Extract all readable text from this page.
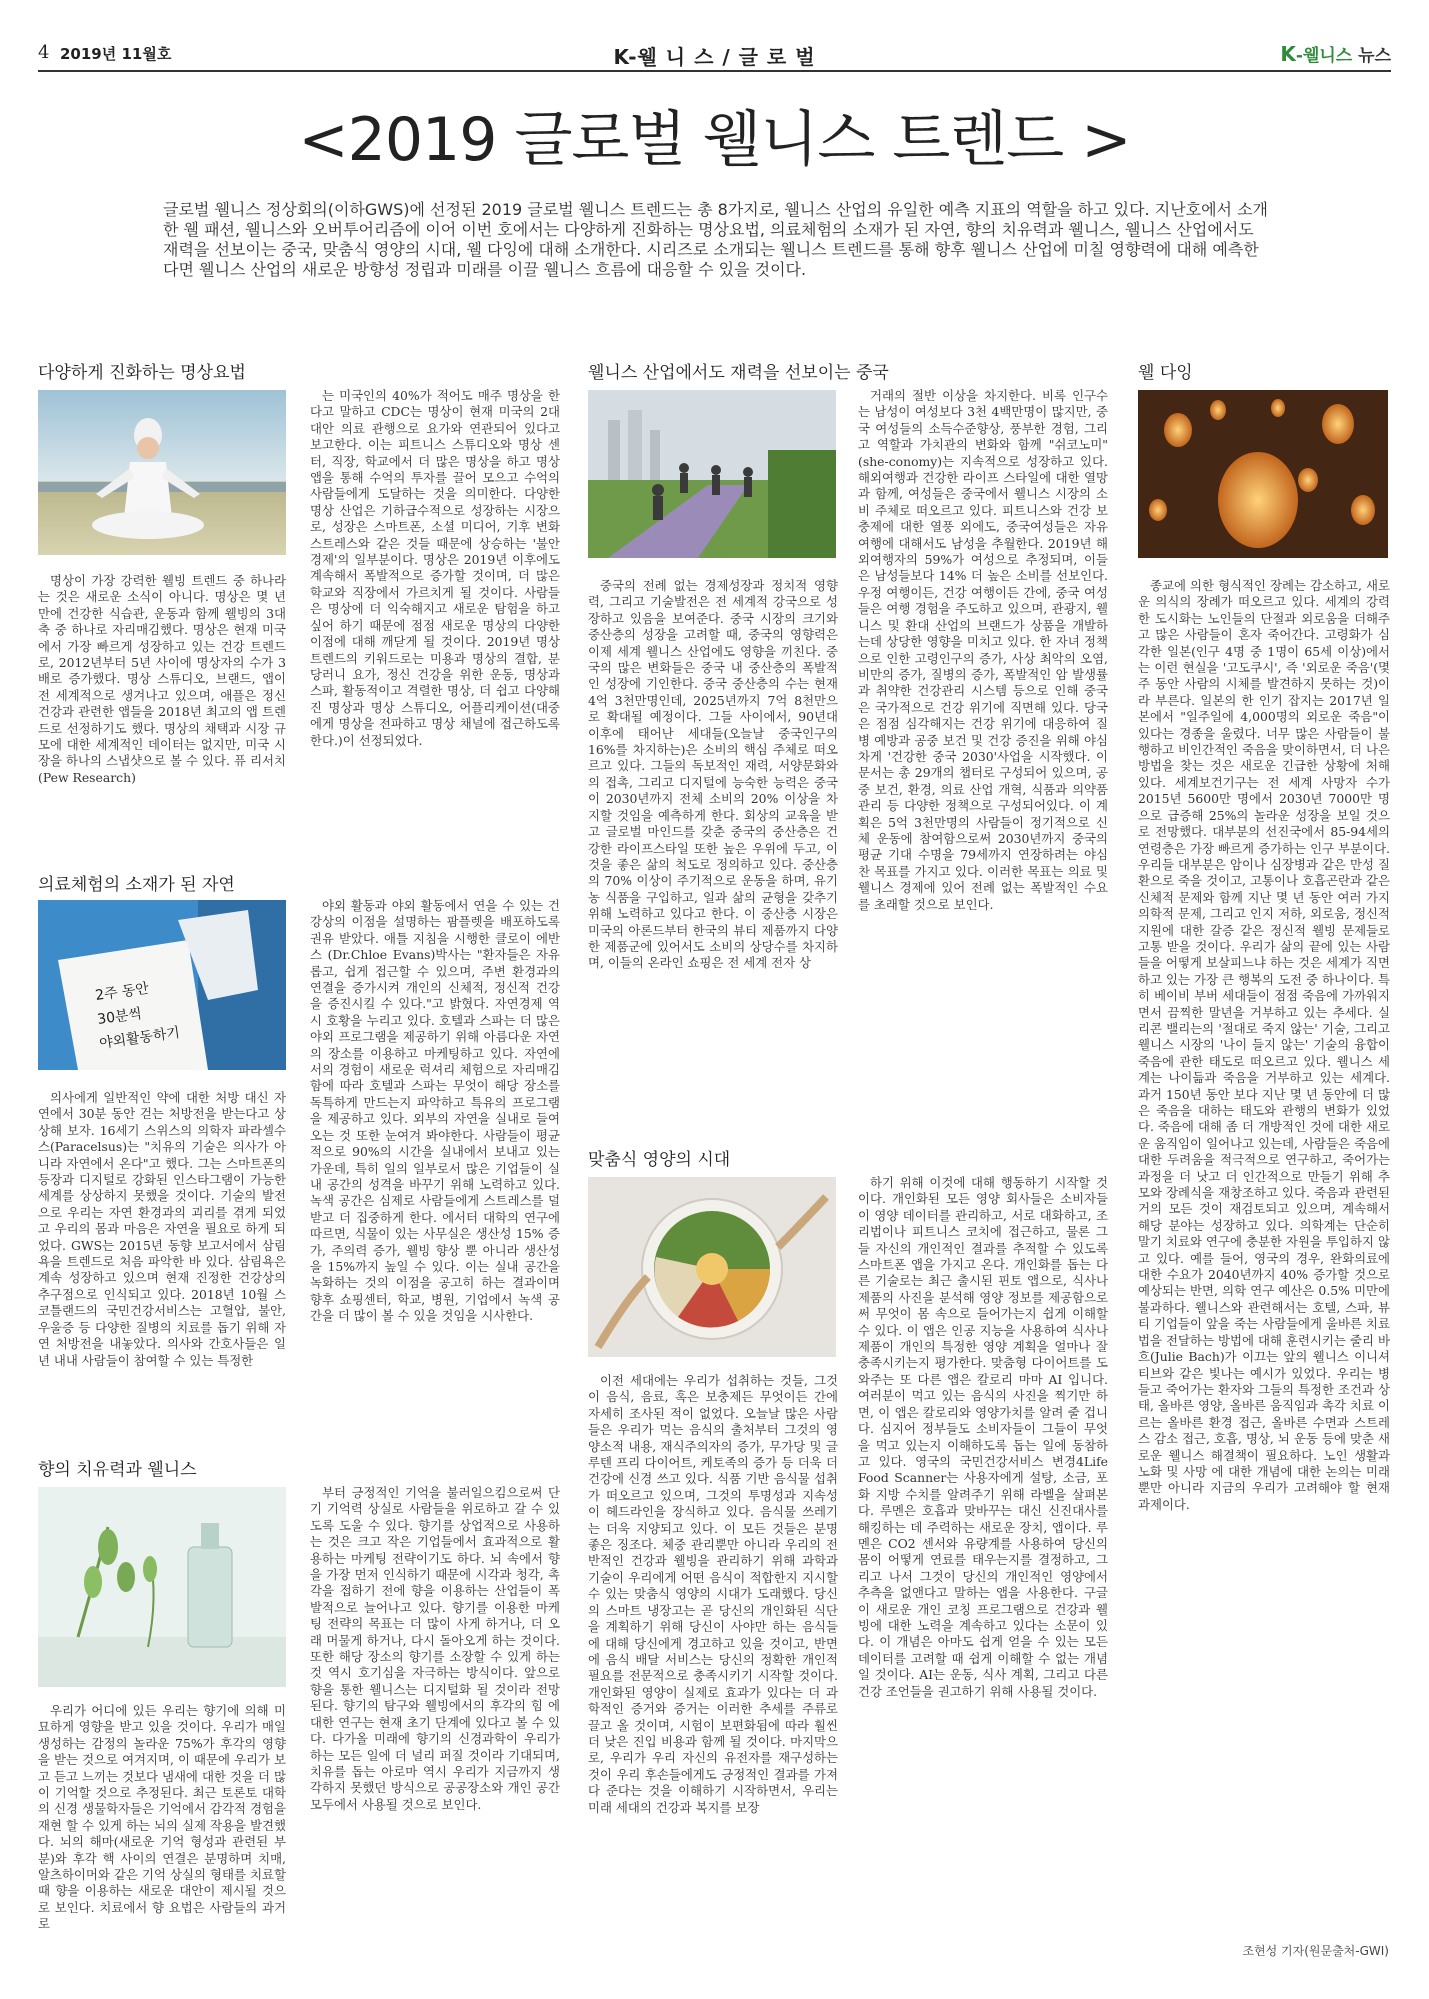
4 2019년 11월호	K-웰 니 스 / 글 로 벌	K-웰니스 뉴스
<2019 글로벌 웰니스 트렌드 >
글로벌 웰니스 정상회의(이하GWS)에 선정된 2019 글로벌 웰니스 트렌드는 총 8가지로, 웰니스 산업의 유일한 예측 지표의 역할을 하고 있다. 지난호에서 소개한 웰 패션, 웰니스와 오버투어리즘에 이어 이번 호에서는 다양하게 진화하는 명상요법, 의료체험의 소재가 된 자연, 향의 치유력과 웰니스, 웰니스 산업에서도 재력을 선보이는 중국, 맞춤식 영양의 시대, 웰 다잉에 대해 소개한다. 시리즈로 소개되는 웰니스 트렌드를 통해 향후 웰니스 산업에 미칠 영향력에 대해 예측한다면 웰니스 산업의 새로운 방향성 정립과 미래를 이끌 웰니스 흐름에 대응할 수 있을 것이다.
다양하게 진화하는 명상요법

명상이 가장 강력한 웰빙 트렌드 중 하나라는 것은 새로운 소식이 아니다. 명상은 몇 년 만에 건강한 식습관, 운동과 함께 웰빙의 3대 축 중 하나로 자리매김했다. 명상은 현재 미국에서 가장 빠르게 성장하고 있는 건강 트렌드로, 2012년부터 5년 사이에 명상자의 수가 3배로 증가했다. 명상 스튜디오, 브랜드, 앱이 전 세계적으로 생겨나고 있으며, 애플은 정신 건강과 관련한 앱들을 2018년 최고의 앱 트렌드로 선정하기도 했다. 명상의 채택과 시장 규모에 대한 세계적인 데이터는 없지만, 미국 시장을 하나의 스냅샷으로 볼 수 있다. 퓨 리서치(Pew Research)

는 미국인의 40%가 적어도 매주 명상을 한다고 말하고 CDC는 명상이 현재 미국의 2대 대안 의료 관행으로 요가와 연관되어 있다고 보고한다. 이는 피트니스 스튜디오와 명상 센터, 직장, 학교에서 더 많은 명상을 하고 명상 앱을 통해 수억의 투자를 끌어 모으고 수억의 사람들에게 도달하는 것을 의미한다. 다양한 명상 산업은 기하급수적으로 성장하는 시장으로, 성장은 스마트폰, 소셜 미디어, 기후 변화 스트레스와 같은 것들 때문에 상승하는 '불안 경제'의 일부분이다. 명상은 2019년 이후에도 계속해서 폭발적으로 증가할 것이며, 더 많은 학교와 직장에서 가르치게 될 것이다. 사람들은 명상에 더 익숙해지고 새로운 탐험을 하고 싶어 하기 때문에 점점 새로운 명상의 다양한 이점에 대해 깨닫게 될 것이다. 2019년 명상 트렌드의 키워드로는 미용과 명상의 결합, 분당러니 요가, 정신 건강을 위한 운동, 명상과 스파, 활동적이고 격렬한 명상, 더 쉽고 다양해진 명상과 명상 스튜디오, 어플리케이션(대중에게 명상을 전파하고 명상 채널에 접근하도록 한다.)이 선정되었다.

의료체험의 소재가 된 자연
2주 동안
30분씩
야외활동하기

의사에게 일반적인 약에 대한 처방 대신 자연에서 30분 동안 걷는 처방전을 받는다고 상상해 보자. 16세기 스위스의 의학자 파라셀수스(Paracelsus)는 "치유의 기술은 의사가 아니라 자연에서 온다"고 했다. 그는 스마트폰의 등장과 디지털로 강화된 인스타그램이 가능한 세계를 상상하지 못했을 것이다. 기술의 발전으로 우리는 자연 환경과의 괴리를 겪게 되었고 우리의 몸과 마음은 자연을 필요로 하게 되었다. GWS는 2015년 동향 보고서에서 삼림욕을 트렌드로 처음 파악한 바 있다. 삼림욕은 계속 성장하고 있으며 현재 진정한 건강상의 추구점으로 인식되고 있다. 2018년 10월 스코틀랜드의 국민건강서비스는 고혈압, 불안, 우울증 등 다양한 질병의 치료를 돕기 위해 자연 처방전을 내놓았다. 의사와 간호사들은 일 년 내내 사람들이 참여할 수 있는 특정한

야외 활동과 야외 활동에서 연을 수 있는 건강상의 이점을 설명하는 팜플렛을 배포하도록 권유 받았다. 애틀 지침을 시행한 클로이 에반스 (Dr.Chloe Evans)박사는 "환자들은 자유롭고, 쉽게 접근할 수 있으며, 주변 환경과의 연결을 증가시켜 개인의 신체적, 정신적 건강을 증진시킬 수 있다."고 밝혔다. 자연경제 역시 호황을 누리고 있다. 호텔과 스파는 더 많은 야외 프로그램을 제공하기 위해 아름다운 자연의 장소를 이용하고 마케팅하고 있다. 자연에서의 경험이 새로운 럭셔리 체험으로 자리매김함에 따라 호텔과 스파는 무엇이 해당 장소를 독특하게 만드는지 파악하고 특유의 프로그램을 제공하고 있다. 외부의 자연을 실내로 들여오는 것 또한 눈여겨 봐야한다. 사람들이 평균적으로 90%의 시간을 실내에서 보내고 있는 가운데, 특히 일의 일부로서 많은 기업들이 실내 공간의 성격을 바꾸기 위해 노력하고 있다. 녹색 공간은 심제로 사람들에게 스트레스를 덜 받고 더 집중하게 한다. 에서터 대학의 연구에 따르면, 식물이 있는 사무실은 생산성 15% 증가, 주의력 증가, 웰빙 향상 뿐 아니라 생산성을 15%까지 높일 수 있다. 이는 실내 공간을 녹화하는 것의 이점을 공고히 하는 결과이며 향후 쇼핑센터, 학교, 병원, 기업에서 녹색 공간을 더 많이 볼 수 있을 것임을 시사한다.

향의 치유력과 웰니스

우리가 어디에 있든 우리는 향기에 의해 미묘하게 영향을 받고 있을 것이다. 우리가 매일 생성하는 감정의 놀라운 75%가 후각의 영향을 받는 것으로 여겨지며, 이 때문에 우리가 보고 듣고 느끼는 것보다 냄새에 대한 것을 더 많이 기억할 것으로 추정된다. 최근 토론토 대학의 신경 생물학자들은 기억에서 감각적 경험을 재현 할 수 있게 하는 뇌의 실제 작용을 발견했다. 뇌의 해마(새로운 기억 형성과 관련된 부분)와 후각 핵 사이의 연결은 분명하며 치매, 알츠하이머와 같은 기억 상실의 형태를 치료할 때 향을 이용하는 새로운 대안이 제시될 것으로 보인다. 치료에서 향 요법은 사람들의 과거로

부터 긍정적인 기억을 불러일으킴으로써 단기 기억력 상실로 사람들을 위로하고 갈 수 있도록 도울 수 있다. 향기를 상업적으로 사용하는 것은 크고 작은 기업들에서 효과적으로 활용하는 마케팅 전략이기도 하다. 뇌 속에서 향을 가장 먼저 인식하기 때문에 시각과 청각, 촉각을 접하기 전에 향을 이용하는 산업들이 폭발적으로 늘어나고 있다. 향기를 이용한 마케팅 전략의 목표는 더 많이 사게 하거나, 더 오래 머물게 하거나, 다시 돌아오게 하는 것이다. 또한 해당 장소의 향기를 소장할 수 있게 하는 것 역시 호기심을 자극하는 방식이다. 앞으로 향을 통한 웰니스는 디지털화 될 것이라 전망된다. 향기의 탐구와 웰빙에서의 후각의 힘 에 대한 연구는 현재 초기 단계에 있다고 볼 수 있다. 다가올 미래에 향기의 신경과학이 우리가 하는 모든 일에 더 널리 퍼질 것이라 기대되며, 치유를 돕는 아로마 역시 우리가 지금까지 생각하지 못했던 방식으로 공공장소와 개인 공간 모두에서 사용될 것으로 보인다.

웰니스 산업에서도 재력을 선보이는 중국

중국의 전례 없는 경제성장과 정치적 영향력, 그리고 기술발전은 전 세계적 강국으로 성장하고 있음을 보여준다. 중국 시장의 크기와 중산층의 성장을 고려할 때, 중국의 영향력은 이제 세계 웰니스 산업에도 영향을 끼친다. 중국의 많은 변화들은 중국 내 중산층의 폭발적인 성장에 기인한다. 중국 중산층의 수는 현재 4억 3천만명인데, 2025년까지 7억 8천만으로 확대될 예정이다. 그들 사이에서, 90년대 이후에 태어난 세대들(오늘날 중국인구의 16%를 차지하는)은 소비의 핵심 주체로 떠오르고 있다. 그들의 독보적인 재력, 서양문화와의 접촉, 그리고 디지털에 능숙한 능력은 중국이 2030년까지 전체 소비의 20% 이상을 차지할 것임을 예측하게 한다. 회상의 교육을 받고 글로벌 마인드를 갖춘 중국의 중산층은 건강한 라이프스타일 또한 높은 우위에 두고, 이것을 좋은 삶의 척도로 정의하고 있다. 중산층의 70% 이상이 주기적으로 운동을 하며, 유기농 식품을 구입하고, 일과 삶의 균형을 갖추기 위해 노력하고 있다고 한다. 이 중산층 시장은 미국의 아론드부터 한국의 뷰티 제품까지 다양한 제품군에 있어서도 소비의 상당수를 차지하며, 이들의 온라인 쇼핑은 전 세계 전자 상

거래의 절반 이상을 차지한다. 비록 인구수는 남성이 여성보다 3천 4백만명이 많지만, 중국 여성들의 소득수준향상, 풍부한 경험, 그리고 역할과 가치관의 변화와 함께 "쉬코노미"(she-conomy)는 지속적으로 성장하고 있다. 해외여행과 건강한 라이프 스타일에 대한 열망과 함께, 여성들은 중국에서 웰니스 시장의 소비 주체로 떠오르고 있다. 피트니스와 건강 보충제에 대한 열풍 외에도, 중국여성들은 자유여행에 대해서도 남성을 추월한다. 2019년 해외여행자의 59%가 여성으로 추정되며, 이들은 남성들보다 14% 더 높은 소비를 선보인다. 우정 여행이든, 건강 여행이든 간에, 중국 여성들은 여행 경험을 주도하고 있으며, 관광지, 웰니스 및 환대 산업의 브랜드가 상품을 개발하는데 상당한 영향을 미치고 있다. 한 자녀 정책으로 인한 고령인구의 증가, 사상 최악의 오염, 비만의 증가, 질병의 증가, 폭발적인 암 발생률과 취약한 건강관리 시스템 등으로 인해 중국은 국가적으로 건강 위기에 직면해 있다. 당국은 점점 심각해지는 건강 위기에 대응하여 질병 예방과 공중 보건 및 건강 증진을 위해 야심차게 '건강한 중국 2030'사업을 시작했다. 이 문서는 총 29개의 챕터로 구성되어 있으며, 공중 보건, 환경, 의료 산업 개혁, 식품과 의약품 관리 등 다양한 정책으로 구성되어있다. 이 계획은 5억 3천만명의 사람들이 정기적으로 신체 운동에 참여함으로써 2030년까지 중국의 평균 기대 수명을 79세까지 연장하려는 야심찬 목표를 가지고 있다. 이러한 목표는 의료 및 웰니스 경제에 있어 전례 없는 폭발적인 수요를 초래할 것으로 보인다.

맞춤식 영양의 시대

이전 세대에는 우리가 섭취하는 것들, 그것이 음식, 음료, 혹은 보충제든 무엇이든 간에 자세히 조사된 적이 없었다. 오늘날 많은 사람들은 우리가 먹는 음식의 출처부터 그것의 영양소적 내용, 재식주의자의 증가, 무가당 및 글루텐 프리 다이어트, 케토족의 증가 등 더욱 더 건강에 신경 쓰고 있다. 식품 기반 음식물 섭취가 떠오르고 있으며, 그것의 투명성과 지속성이 헤드라인을 장식하고 있다. 음식물 쓰레기는 더욱 지양되고 있다. 이 모든 것들은 분명 좋은 징조다. 체중 관리뿐만 아니라 우리의 전반적인 건강과 웰빙을 관리하기 위해 과학과 기술이 우리에게 어떤 음식이 적합한지 지시할 수 있는 맞춤식 영양의 시대가 도래했다. 당신의 스마트 냉장고는 곧 당신의 개인화된 식단을 계획하기 위해 당신이 사야만 하는 음식들에 대해 당신에게 경고하고 있을 것이고, 반면에 음식 배달 서비스는 당신의 정확한 개인적 필요를 전문적으로 충족시키기 시작할 것이다. 개인화된 영양이 실제로 효과가 있다는 더 과학적인 증거와 증거는 이러한 추세를 주류로 끌고 올 것이며, 시험이 보편화됨에 따라 훨씬 더 낮은 진입 비용과 함께 될 것이다. 마지막으로, 우리가 우리 자신의 유전자를 재구성하는 것이 우리 후손들에게도 긍정적인 결과를 가져다 준다는 것을 이해하기 시작하면서, 우리는 미래 세대의 건강과 복지를 보장

하기 위해 이것에 대해 행동하기 시작할 것이다. 개인화된 모든 영양 회사들은 소비자들이 영양 데이터를 관리하고, 서로 대화하고, 조리법이나 피트니스 코치에 접근하고, 물론 그들 자신의 개인적인 결과를 추적할 수 있도록 스마트폰 앱을 가지고 온다. 개인화를 돕는 다른 기술로는 최근 출시된 핀토 앱으로, 식사나 제품의 사진을 분석해 영양 정보를 제공함으로써 무엇이 몸 속으로 들어가는지 쉽게 이해할 수 있다. 이 앱은 인공 지능을 사용하여 식사나 제품이 개인의 특정한 영양 계획을 얼마나 잘 충족시키는지 평가한다. 맞춤형 다이어트를 도와주는 또 다른 앱은 칼로리 마마 AI 입니다. 여러분이 먹고 있는 음식의 사진을 찍기만 하면, 이 앱은 칼로리와 영양가치를 알려 줄 겁니다. 심지어 정부들도 소비자들이 그들이 무엇을 먹고 있는지 이해하도록 돕는 일에 동참하고 있다. 영국의 국민건강서비스 변경4Life Food Scanner는 사용자에게 설탕, 소금, 포화 지방 수치를 알려주기 위해 라벨을 살펴본다. 루멘은 호흡과 맞바꾸는 대신 신진대사를 해킹하는 데 주력하는 새로운 장치, 앱이다. 루멘은 CO2 센서와 유량계를 사용하여 당신의 몸이 어떻게 연료를 태우는지를 결정하고, 그리고 나서 그것이 당신의 개인적인 영양에서 추측을 없앤다고 말하는 앱을 사용한다. 구글이 새로운 개인 코칭 프로그램으로 건강과 웰빙에 대한 노력을 계속하고 있다는 소문이 있다. 이 개념은 아마도 쉽게 얻을 수 있는 모든 데이터를 고려할 때 쉽게 이해할 수 없는 개념일 것이다. AI는 운동, 식사 계획, 그리고 다른 건강 조언들을 권고하기 위해 사용될 것이다.

웰 다잉

종교에 의한 형식적인 장례는 감소하고, 새로운 의식의 장례가 떠오르고 있다. 세계의 강력한 도시화는 노인들의 단절과 외로움을 더해주고 많은 사람들이 혼자 죽어간다. 고령화가 심각한 일본(인구 4명 중 1명이 65세 이상)에서는 이런 현실을 '고도쿠시', 즉 '외로운 죽음'(몇 주 동안 사람의 시체를 발견하지 못하는 것)이라 부른다. 일본의 한 인기 잡지는 2017년 일본에서 "일주일에 4,000명의 외로운 죽음"이 있다는 경종을 울렸다. 너무 많은 사람들이 불행하고 비인간적인 죽음을 맞이하면서, 더 나은 방법을 찾는 것은 새로운 긴급한 상황에 처해 있다. 세계보건기구는 전 세계 사망자 수가 2015년 5600만 명에서 2030년 7000만 명으로 급증해 25%의 놀라운 성장을 보일 것으로 전망했다. 대부분의 선진국에서 85-94세의 연령층은 가장 빠르게 증가하는 인구 부분이다. 우리들 대부분은 암이나 심장병과 같은 만성 질환으로 죽을 것이고, 고통이나 호흡곤란과 같은 신체적 문제와 함께 지난 몇 년 동안 여러 가지 의학적 문제, 그리고 인지 저하, 외로움, 정신적 지원에 대한 갈증 같은 정신적 웰빙 문제들로 고통 받을 것이다. 우리가 삶의 끝에 있는 사람들을 어떻게 보살피느냐 하는 것은 세계가 직면하고 있는 가장 큰 행복의 도전 중 하나이다. 특히 베이비 부버 세대들이 점점 죽음에 가까워지면서 끔찍한 말년을 거부하고 있는 추세다. 실리콘 밸리는의 '절대로 죽지 않는' 기술, 그리고 웰니스 시장의 '나이 들지 않는' 기술의 융합이 죽음에 관한 태도로 떠오르고 있다. 웰니스 세계는 나이듦과 죽음을 거부하고 있는 세계다. 과거 150년 동안 보다 지난 몇 년 동안에 더 많은 죽음을 대하는 태도와 관행의 변화가 있었다. 죽음에 대해 좀 더 개방적인 것에 대한 새로운 움직임이 일어나고 있는데, 사람들은 죽음에 대한 두려움을 적극적으로 연구하고, 죽어가는 과정을 더 낫고 더 인간적으로 만들기 위해 추모와 장례식을 재창조하고 있다. 죽음과 관련된 거의 모든 것이 재검토되고 있으며, 계속해서 해당 분야는 성장하고 있다. 의학계는 단순히 말기 치료와 연구에 충분한 자원을 투입하지 않고 있다. 예를 들어, 영국의 경우, 완화의료에 대한 수요가 2040년까지 40% 증가할 것으로 예상되는 반면, 의학 연구 예산은 0.5% 미만에 불과하다. 웰니스와 관련해서는 호텔, 스파, 뷰티 기업들이 앞을 죽는 사람들에게 울바른 치료법을 전달하는 방법에 대해 훈련시키는 줄리 바흐(Julie Bach)가 이끄는 앞의 웰니스 이니셔티브와 같은 빛나는 예시가 있었다. 우리는 병들고 죽어가는 환자와 그들의 특정한 조건과 상태, 올바른 영양, 올바른 움직임과 촉각 치료 이르는 올바른 환경 접근, 올바른 수면과 스트레스 감소 접근, 호흡, 명상, 뇌 운동 등에 맞춘 새로운 웰니스 해결책이 필요하다. 노인 생활과 노화 및 사망 에 대한 개념에 대한 논의는 미래 뿐만 아니라 지금의 우리가 고려해야 할 현재 과제이다.

조현성 기자(원문출처-GWI)
